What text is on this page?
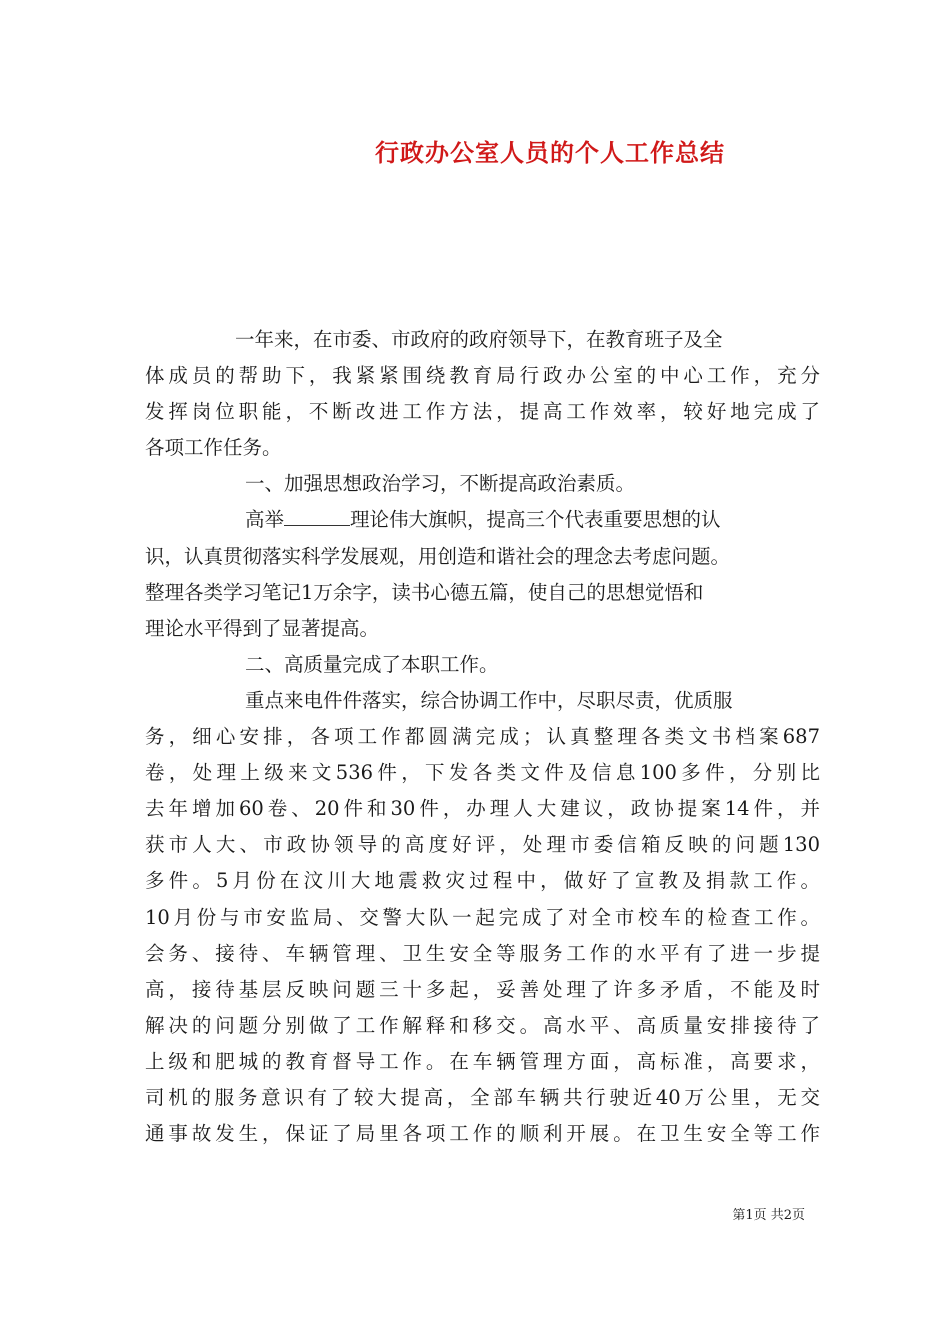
行政办公室人员的个人工作总结
一年来，在市委、市政府的政府领导下，在教育班子及全
体成员的帮助下，我紧紧围绕教育局行政办公室的中心工作，充分
发挥岗位职能，不断改进工作方法，提高工作效率，较好地完成了
各项工作任务。
一、加强思想政治学习，不断提高政治素质。
高举	理论伟大旗帜，提高三个代表重要思想的认
识，认真贯彻落实科学发展观，用创造和谐社会的理念去考虑问题。
整理各类学习笔记1万余字，读书心德五篇，使自己的思想觉悟和
理论水平得到了显著提高。
二、高质量完成了本职工作。
重点来电件件落实，综合协调工作中，尽职尽责，优质服
务，细心安排，各项工作都圆满完成；认真整理各类文书档案687
卷，处理上级来文536件，下发各类文件及信息100多件，分别比
去年增加60卷、20件和30件，办理人大建议，政协提案14件，并
获市人大、市政协领导的高度好评，处理市委信箱反映的问题130
多件。5月份在汶川大地震救灾过程中，做好了宣教及捐款工作。
10月份与市安监局、交警大队一起完成了对全市校车的检查工作。
会务、接待、车辆管理、卫生安全等服务工作的水平有了进一步提
高，接待基层反映问题三十多起，妥善处理了许多矛盾，不能及时
解决的问题分别做了工作解释和移交。高水平、高质量安排接待了
上级和肥城的教育督导工作。在车辆管理方面，高标准，高要求，
司机的服务意识有了较大提高，全部车辆共行驶近40万公里，无交
通事故发生，保证了局里各项工作的顺利开展。在卫生安全等工作
第1页 共2页
